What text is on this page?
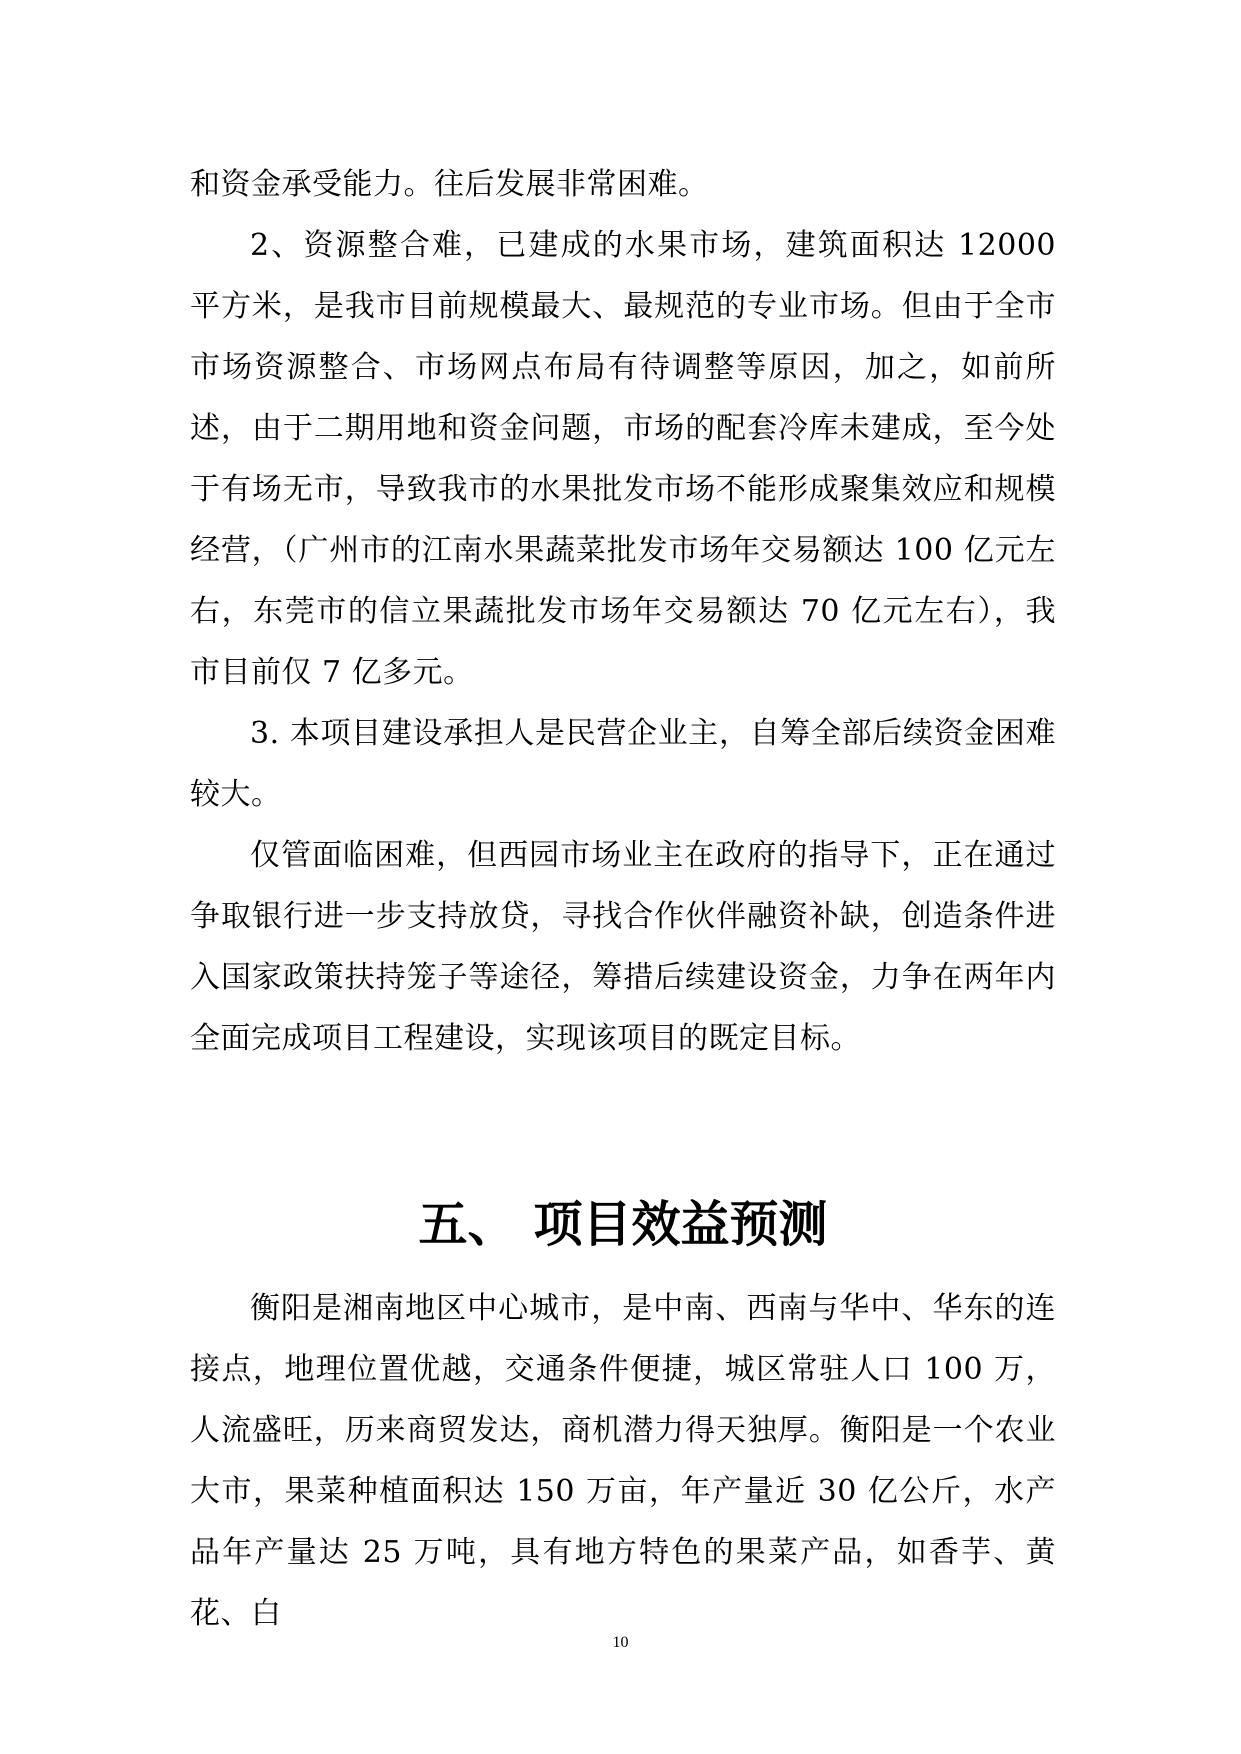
和资金承受能力。往后发展非常困难。

2、资源整合难，已建成的水果市场，建筑面积达 12000 平方米，是我市目前规模最大、最规范的专业市场。但由于全市市场资源整合、市场网点布局有待调整等原因，加之，如前所述，由于二期用地和资金问题，市场的配套冷库未建成，至今处于有场无市，导致我市的水果批发市场不能形成聚集效应和规模经营，（广州市的江南水果蔬菜批发市场年交易额达 100 亿元左右，东莞市的信立果蔬批发市场年交易额达 70 亿元左右），我市目前仅 7 亿多元。

3. 本项目建设承担人是民营企业主，自筹全部后续资金困难较大。

仅管面临困难，但西园市场业主在政府的指导下，正在通过争取银行进一步支持放贷，寻找合作伙伴融资补缺，创造条件进入国家政策扶持笼子等途径，筹措后续建设资金，力争在两年内全面完成项目工程建设，实现该项目的既定目标。

五、 项目效益预测

衡阳是湘南地区中心城市，是中南、西南与华中、华东的连接点，地理位置优越，交通条件便捷，城区常驻人口 100 万，人流盛旺，历来商贸发达，商机潜力得天独厚。衡阳是一个农业大市，果菜种植面积达 150 万亩，年产量近 30 亿公斤，水产品年产量达 25 万吨，具有地方特色的果菜产品，如香芋、黄花、白

10
